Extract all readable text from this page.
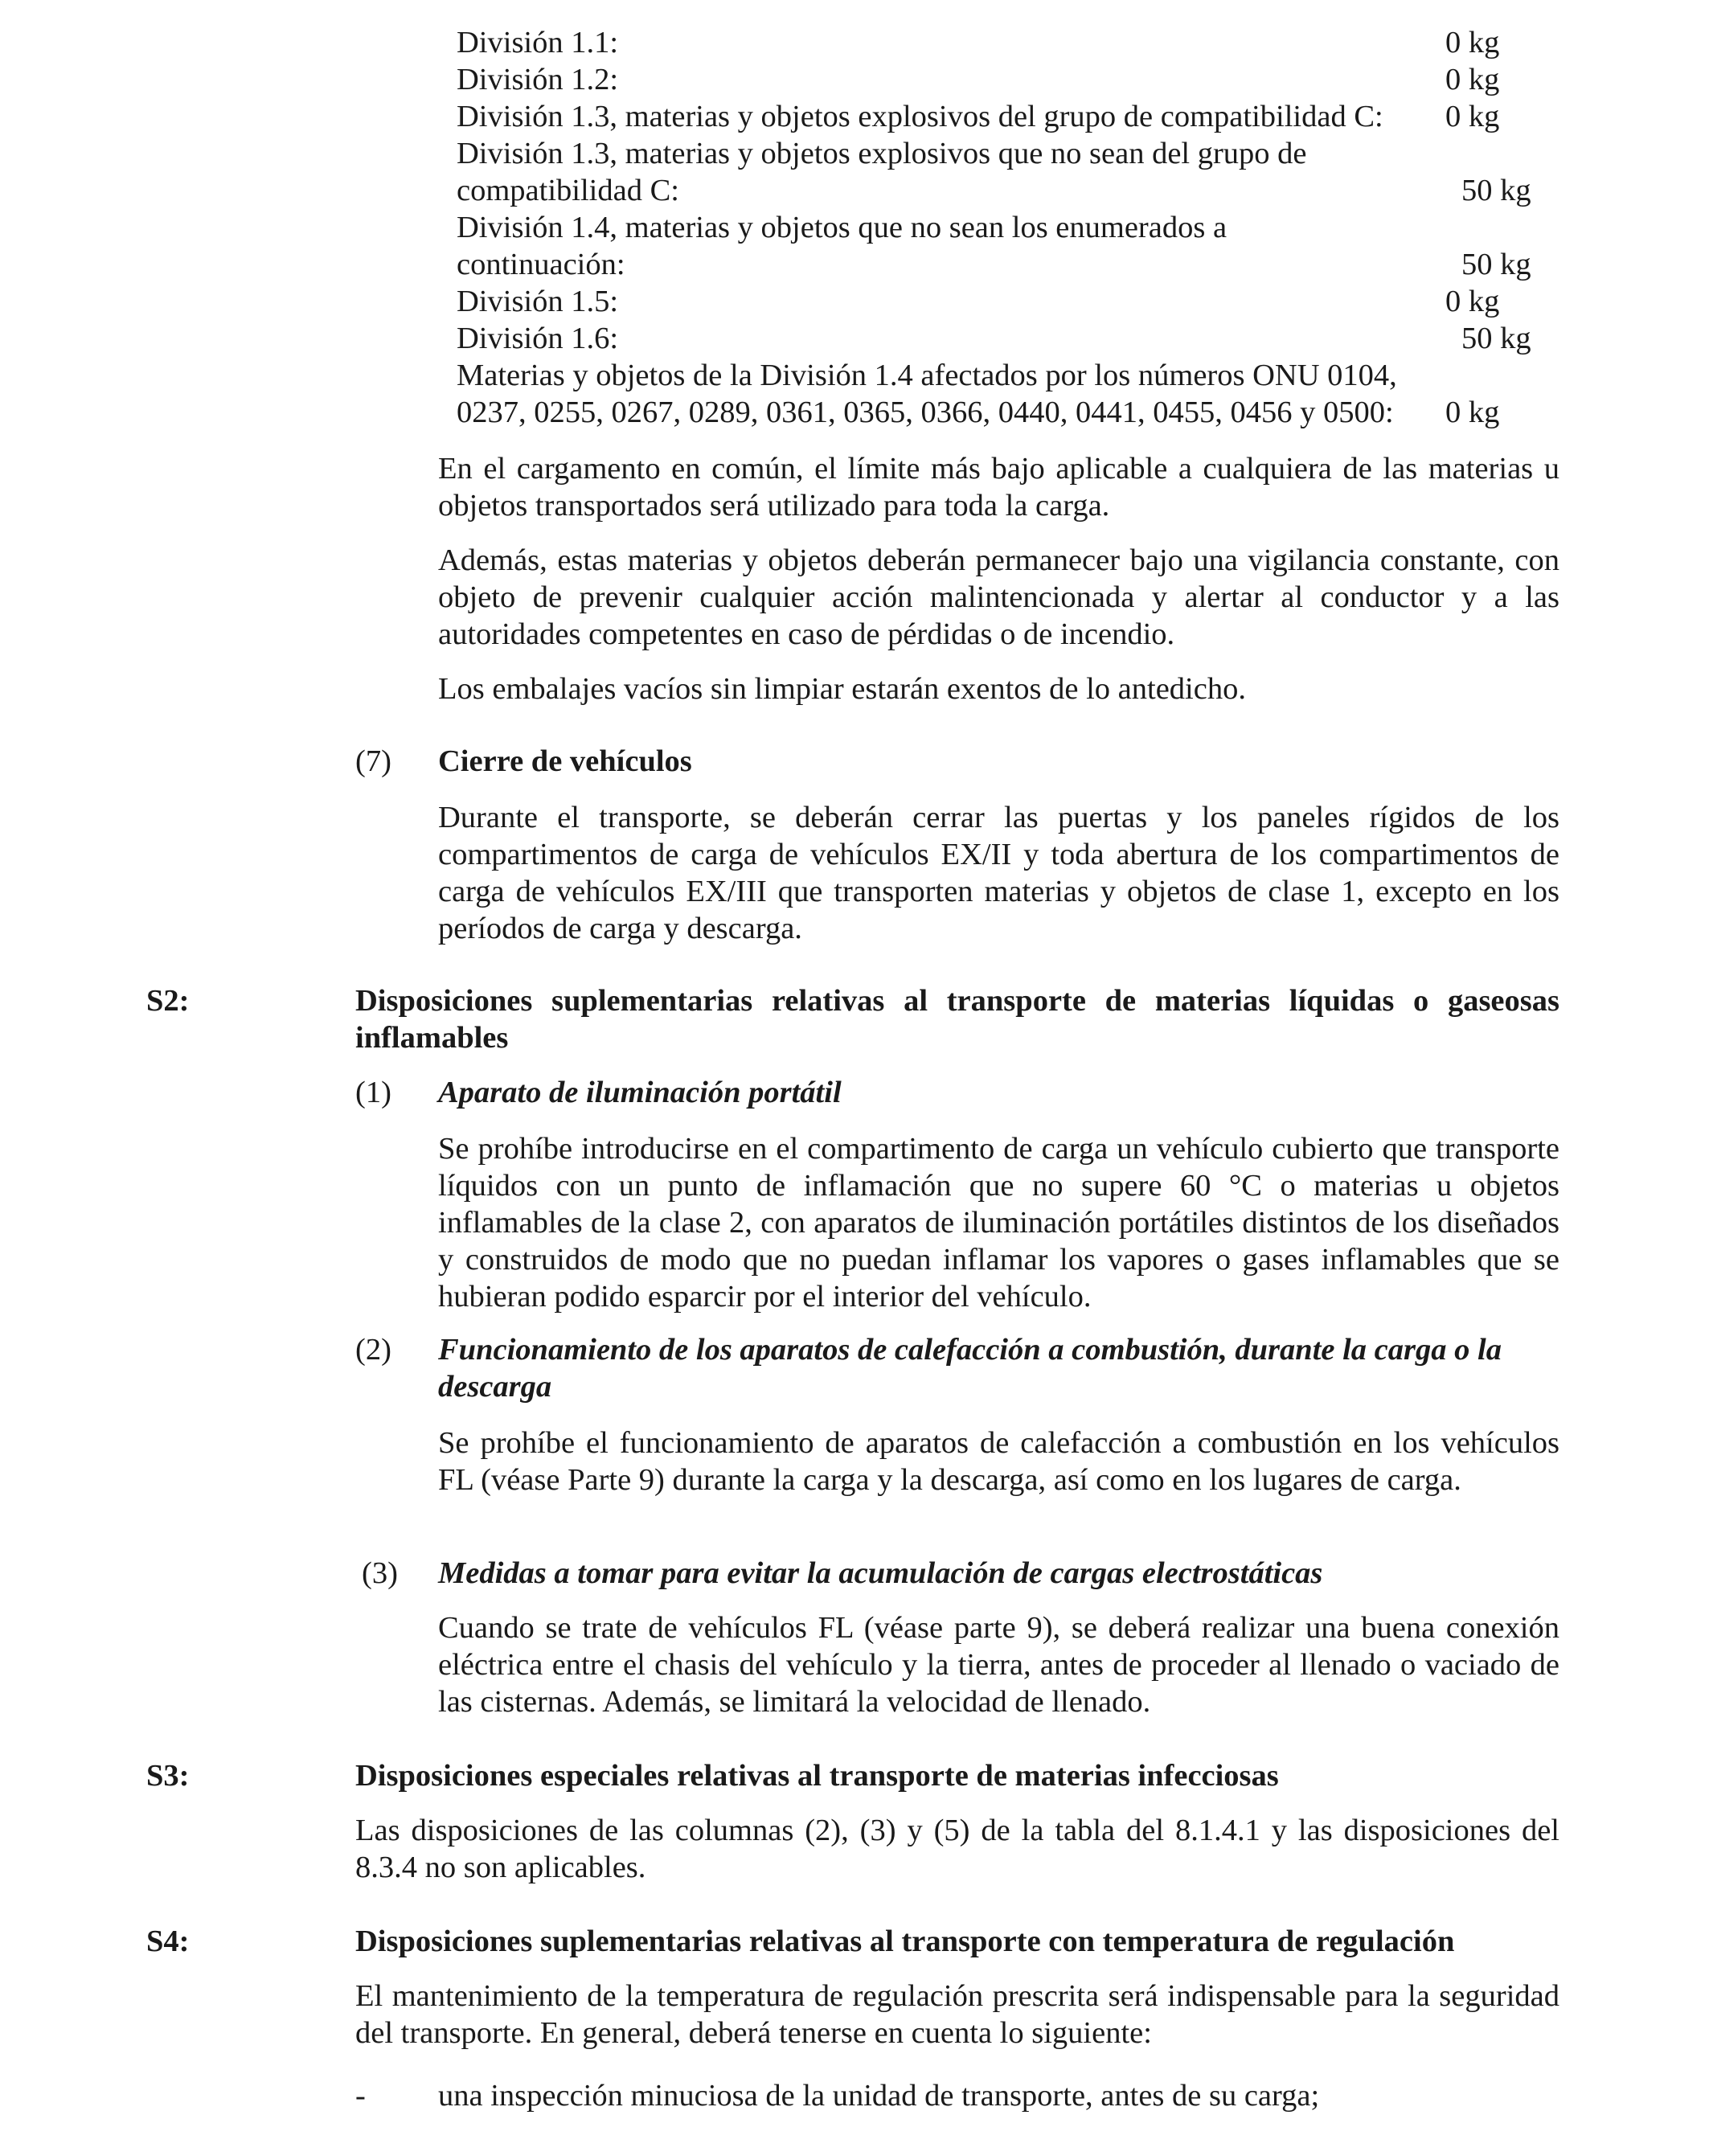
División 1.1:	0 kg
División 1.2:	0 kg
División 1.3, materias y objetos explosivos del grupo de compatibilidad C:	0 kg
División 1.3, materias y objetos explosivos que no sean del grupo de compatibilidad C:	50 kg
División 1.4, materias y objetos que no sean los enumerados a continuación:	50 kg
División 1.5:	0 kg
División 1.6:	50 kg
Materias y objetos de la División 1.4 afectados por los números ONU 0104, 0237, 0255, 0267, 0289, 0361, 0365, 0366, 0440, 0441, 0455, 0456 y 0500:	0 kg
En el cargamento en común, el límite más bajo aplicable a cualquiera de las materias u objetos transportados será utilizado para toda la carga.
Además, estas materias y objetos deberán permanecer bajo una vigilancia constante, con objeto de prevenir cualquier acción malintencionada y alertar al conductor y a las autoridades competentes en caso de pérdidas o de incendio.
Los embalajes vacíos sin limpiar estarán exentos de lo antedicho.
(7)	Cierre de vehículos
Durante el transporte, se deberán cerrar las puertas y los paneles rígidos de los compartimentos de carga de vehículos EX/II y toda abertura de los compartimentos de carga de vehículos EX/III que transporten materias y objetos de clase 1, excepto en los períodos de carga y descarga.
S2:	Disposiciones suplementarias relativas al transporte de materias líquidas o gaseosas inflamables
(1)	Aparato de iluminación portátil
Se prohíbe introducirse en el compartimento de carga un vehículo cubierto que transporte líquidos con un punto de inflamación que no supere 60 °C o materias u objetos inflamables de la clase 2, con aparatos de iluminación portátiles distintos de los diseñados y construidos de modo que no puedan inflamar los vapores o gases inflamables que se hubieran podido esparcir por el interior del vehículo.
(2)	Funcionamiento de los aparatos de calefacción a combustión, durante la carga o la descarga
Se prohíbe el funcionamiento de aparatos de calefacción a combustión en los vehículos FL (véase Parte 9) durante la carga y la descarga, así como en los lugares de carga.
(3)	Medidas a tomar para evitar la acumulación de cargas electrostáticas
Cuando se trate de vehículos FL (véase parte 9), se deberá realizar una buena conexión eléctrica entre el chasis del vehículo y la tierra, antes de proceder al llenado o vaciado de las cisternas. Además, se limitará la velocidad de llenado.
S3:	Disposiciones especiales relativas al transporte de materias infecciosas
Las disposiciones de las columnas (2), (3) y (5) de la tabla del 8.1.4.1 y las disposiciones del 8.3.4 no son aplicables.
S4:	Disposiciones suplementarias relativas al transporte con temperatura de regulación
El mantenimiento de la temperatura de regulación prescrita será indispensable para la seguridad del transporte. En general, deberá tenerse en cuenta lo siguiente:
- una inspección minuciosa de la unidad de transporte, antes de su carga;
